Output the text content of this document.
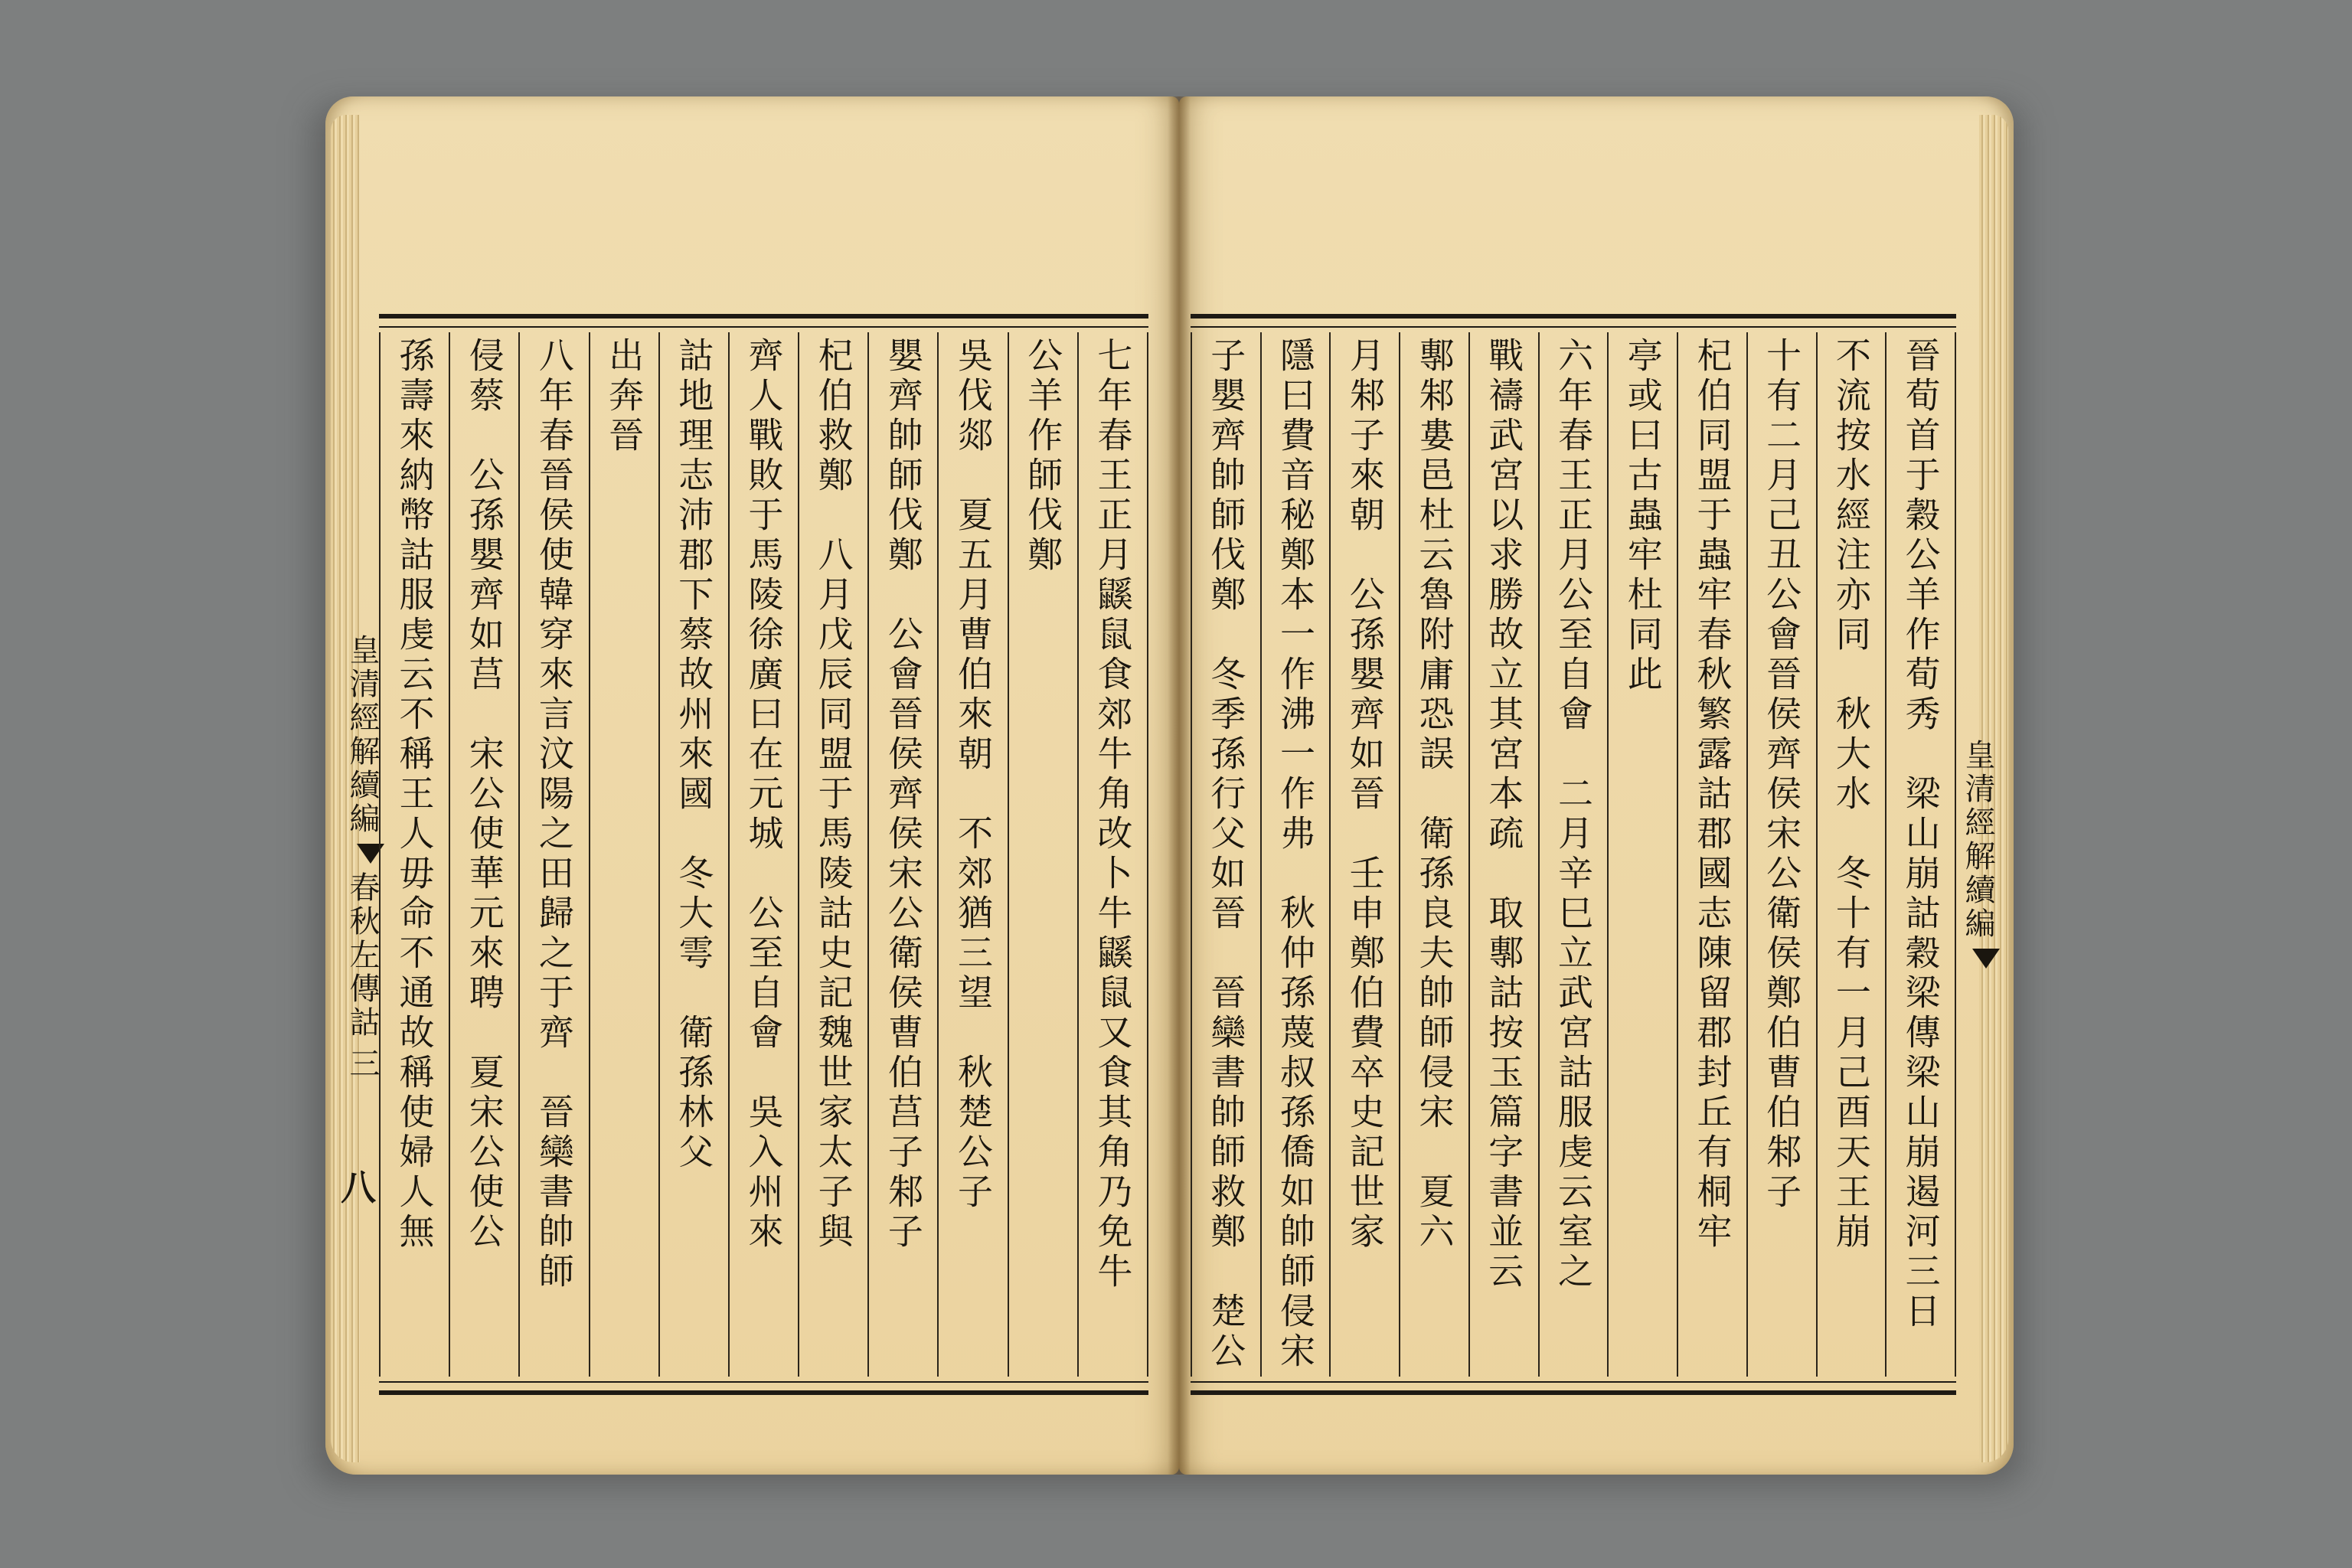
皇清經解續編
春秋左傳詁
三
八
皇清經解續編
七年春王正月鼷鼠食郊牛角改卜牛鼷鼠又食其角乃免牛
公羊作師伐鄭
吳伐郯　夏五月曹伯來朝　不郊猶三望　秋楚公子
嬰齊帥師伐鄭　公會晉侯齊侯宋公衛侯曹伯莒子邾子
杞伯救鄭　八月戊辰同盟于馬陵詁史記魏世家太子與
齊人戰敗于馬陵徐廣曰在元城　公至自會　吳入州來
詁地理志沛郡下蔡故州來國　冬大雩　衛孫林父
出奔晉
八年春晉侯使韓穿來言汶陽之田歸之于齊　晉欒書帥師
侵蔡　公孫嬰齊如莒　宋公使華元來聘　夏宋公使公
孫壽來納幣詁服虔云不稱王人毋命不通故稱使婦人無	晉荀首于穀公羊作荀秀　梁山崩詁穀梁傳梁山崩遏河三日
不流按水經注亦同　秋大水　冬十有一月己酉天王崩
十有二月己丑公會晉侯齊侯宋公衛侯鄭伯曹伯邾子
杞伯同盟于蟲牢春秋繁露詁郡國志陳留郡封丘有桐牢
亭或曰古蟲牢杜同此
六年春王正月公至自會　二月辛巳立武宮詁服虔云室之
戰禱武宮以求勝故立其宮本疏　取鄟詁按玉篇字書並云
鄟邾婁邑杜云魯附庸恐誤　衛孫良夫帥師侵宋　夏六
月邾子來朝　公孫嬰齊如晉　壬申鄭伯費卒史記世家
隱曰費音秘鄭本一作沸一作弗　秋仲孫蔑叔孫僑如帥師侵宋
子嬰齊帥師伐鄭　冬季孫行父如晉　晉欒書帥師救鄭　楚公
